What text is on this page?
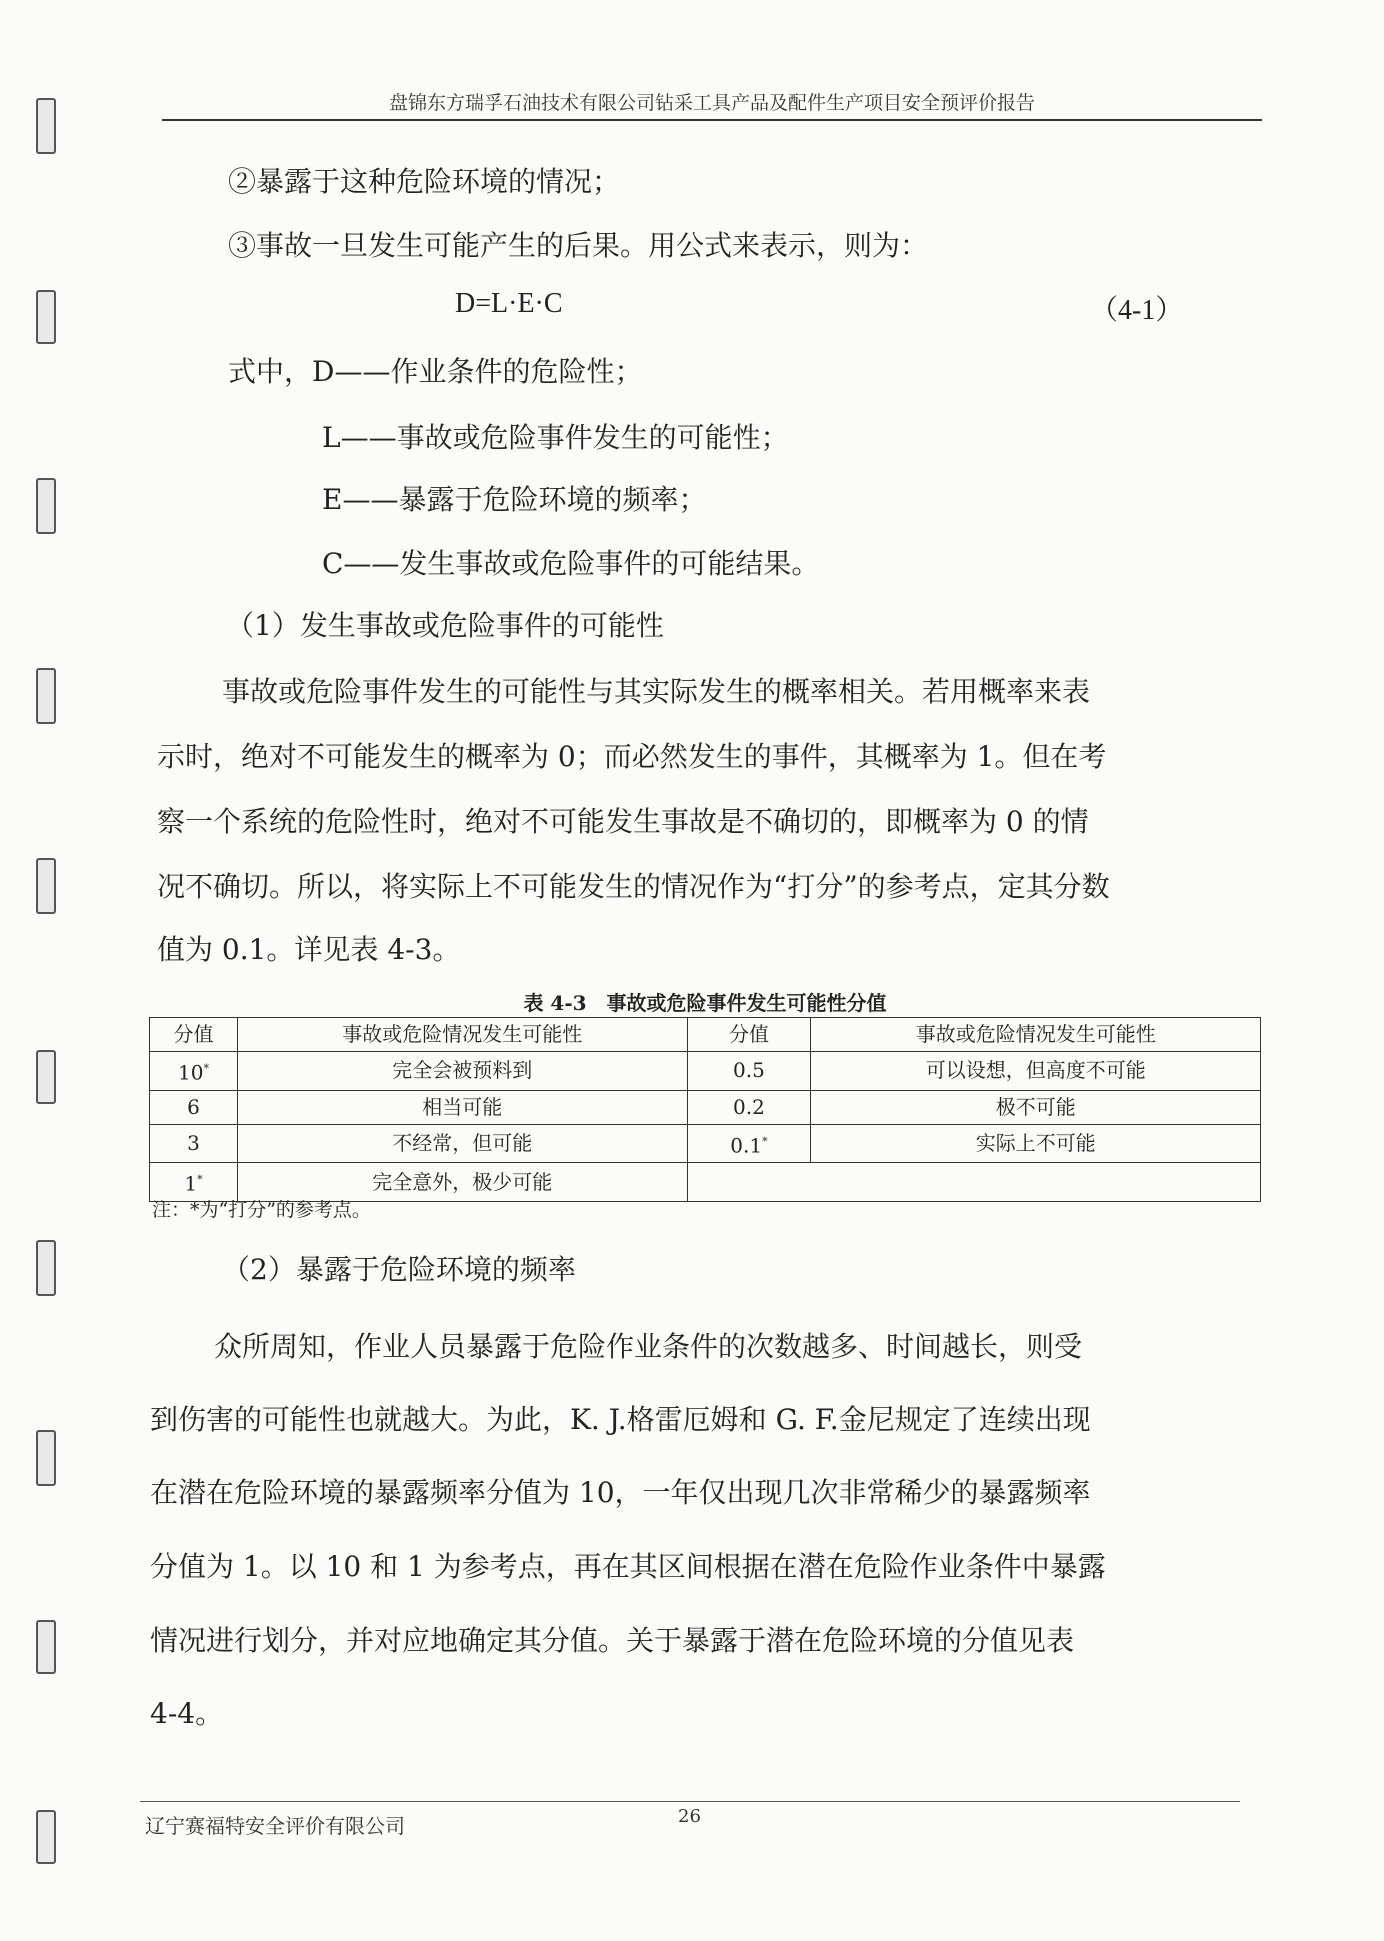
盘锦东方瑞孚石油技术有限公司钻采工具产品及配件生产项目安全预评价报告
②暴露于这种危险环境的情况；
③事故一旦发生可能产生的后果。用公式来表示，则为：
D=L·E·C	（4-1）
式中，D——作业条件的危险性；
L——事故或危险事件发生的可能性；
E——暴露于危险环境的频率；
C——发生事故或危险事件的可能结果。
（1）发生事故或危险事件的可能性
事故或危险事件发生的可能性与其实际发生的概率相关。若用概率来表
示时，绝对不可能发生的概率为 0；而必然发生的事件，其概率为 1。但在考
察一个系统的危险性时，绝对不可能发生事故是不确切的，即概率为 0 的情
况不确切。所以，将实际上不可能发生的情况作为“打分”的参考点，定其分数
值为 0.1。详见表 4-3。
表 4-3　事故或危险事件发生可能性分值
分值	事故或危险情况发生可能性	分值	事故或危险情况发生可能性
10*	完全会被预料到	0.5	可以设想，但高度不可能
6	相当可能	0.2	极不可能
3	不经常，但可能	0.1*	实际上不可能
1*	完全意外，极少可能		
注：*为“打分”的参考点。
（2）暴露于危险环境的频率
众所周知，作业人员暴露于危险作业条件的次数越多、时间越长，则受
到伤害的可能性也就越大。为此，K. J.格雷厄姆和 G. F.金尼规定了连续出现
在潜在危险环境的暴露频率分值为 10，一年仅出现几次非常稀少的暴露频率
分值为 1。以 10 和 1 为参考点，再在其区间根据在潜在危险作业条件中暴露
情况进行划分，并对应地确定其分值。关于暴露于潜在危险环境的分值见表
4-4。
辽宁赛福特安全评价有限公司	26
